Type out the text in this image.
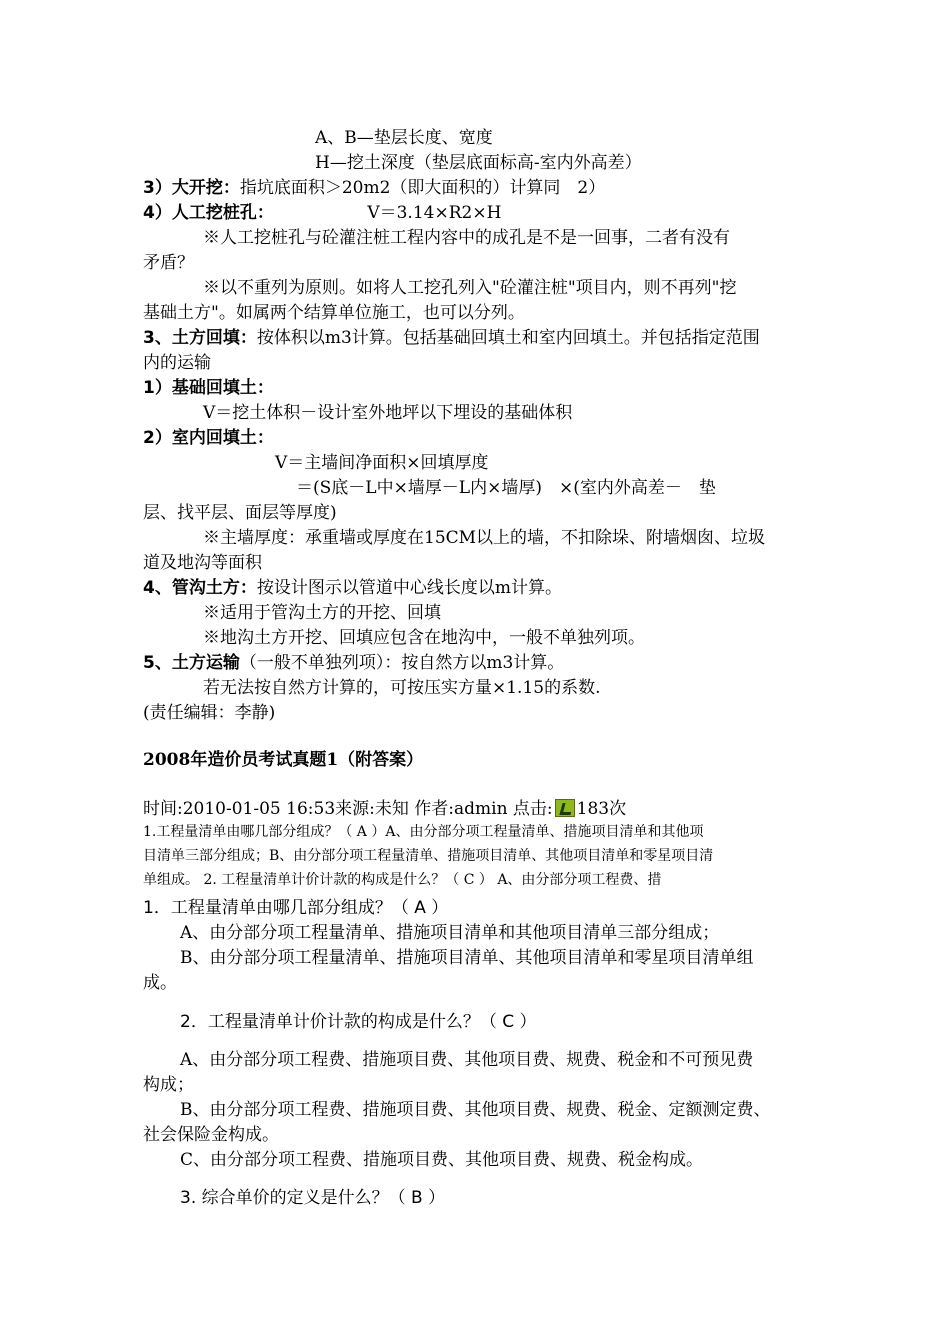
A、B—垫层长度、宽度
H—挖土深度（垫层底面标高-室内外高差）
3）大开挖：指坑底面积＞20m2（即大面积的）计算同　2）
4）人工挖桩孔：　　　　　　V＝3.14×R2×H
※人工挖桩孔与砼灌注桩工程内容中的成孔是不是一回事，二者有没有
矛盾？
※以不重列为原则。如将人工挖孔列入"砼灌注桩"项目内，则不再列"挖
基础土方"。如属两个结算单位施工，也可以分列。
3、土方回填：按体积以m3计算。包括基础回填土和室内回填土。并包括指定范围
内的运输
1）基础回填土：
V＝挖土体积－设计室外地坪以下埋设的基础体积
2）室内回填土：
V＝主墙间净面积×回填厚度
＝(S底－L中×墙厚－L内×墙厚)　×(室内外高差－　垫
层、找平层、面层等厚度)
※主墙厚度：承重墙或厚度在15CM以上的墙，不扣除垛、附墙烟囱、垃圾
道及地沟等面积
4、管沟土方：按设计图示以管道中心线长度以m计算。
※适用于管沟土方的开挖、回填
※地沟土方开挖、回填应包含在地沟中，一般不单独列项。
5、土方运输（一般不单独列项）：按自然方以m3计算。
若无法按自然方计算的，可按压实方量×1.15的系数.
(责任编辑：李静)
2008年造价员考试真题1（附答案）
时间:2010-01-05 16:53来源:未知 作者:admin 点击: 183次
1.工程量清单由哪几部分组成？（ A ）A、由分部分项工程量清单、措施项目清单和其他项
目清单三部分组成；B、由分部分项工程量清单、措施项目清单、其他项目清单和零星项目清
单组成。 2. 工程量清单计价计款的构成是什么？（ C ） A、由分部分项工程费、措
1．工程量清单由哪几部分组成？（ A ）
A、由分部分项工程量清单、措施项目清单和其他项目清单三部分组成；
B、由分部分项工程量清单、措施项目清单、其他项目清单和零星项目清单组
成。
2．工程量清单计价计款的构成是什么？（ C ）
A、由分部分项工程费、措施项目费、其他项目费、规费、税金和不可预见费
构成；
B、由分部分项工程费、措施项目费、其他项目费、规费、税金、定额测定费、
社会保险金构成。
C、由分部分项工程费、措施项目费、其他项目费、规费、税金构成。
3. 综合单价的定义是什么？（ B ）
